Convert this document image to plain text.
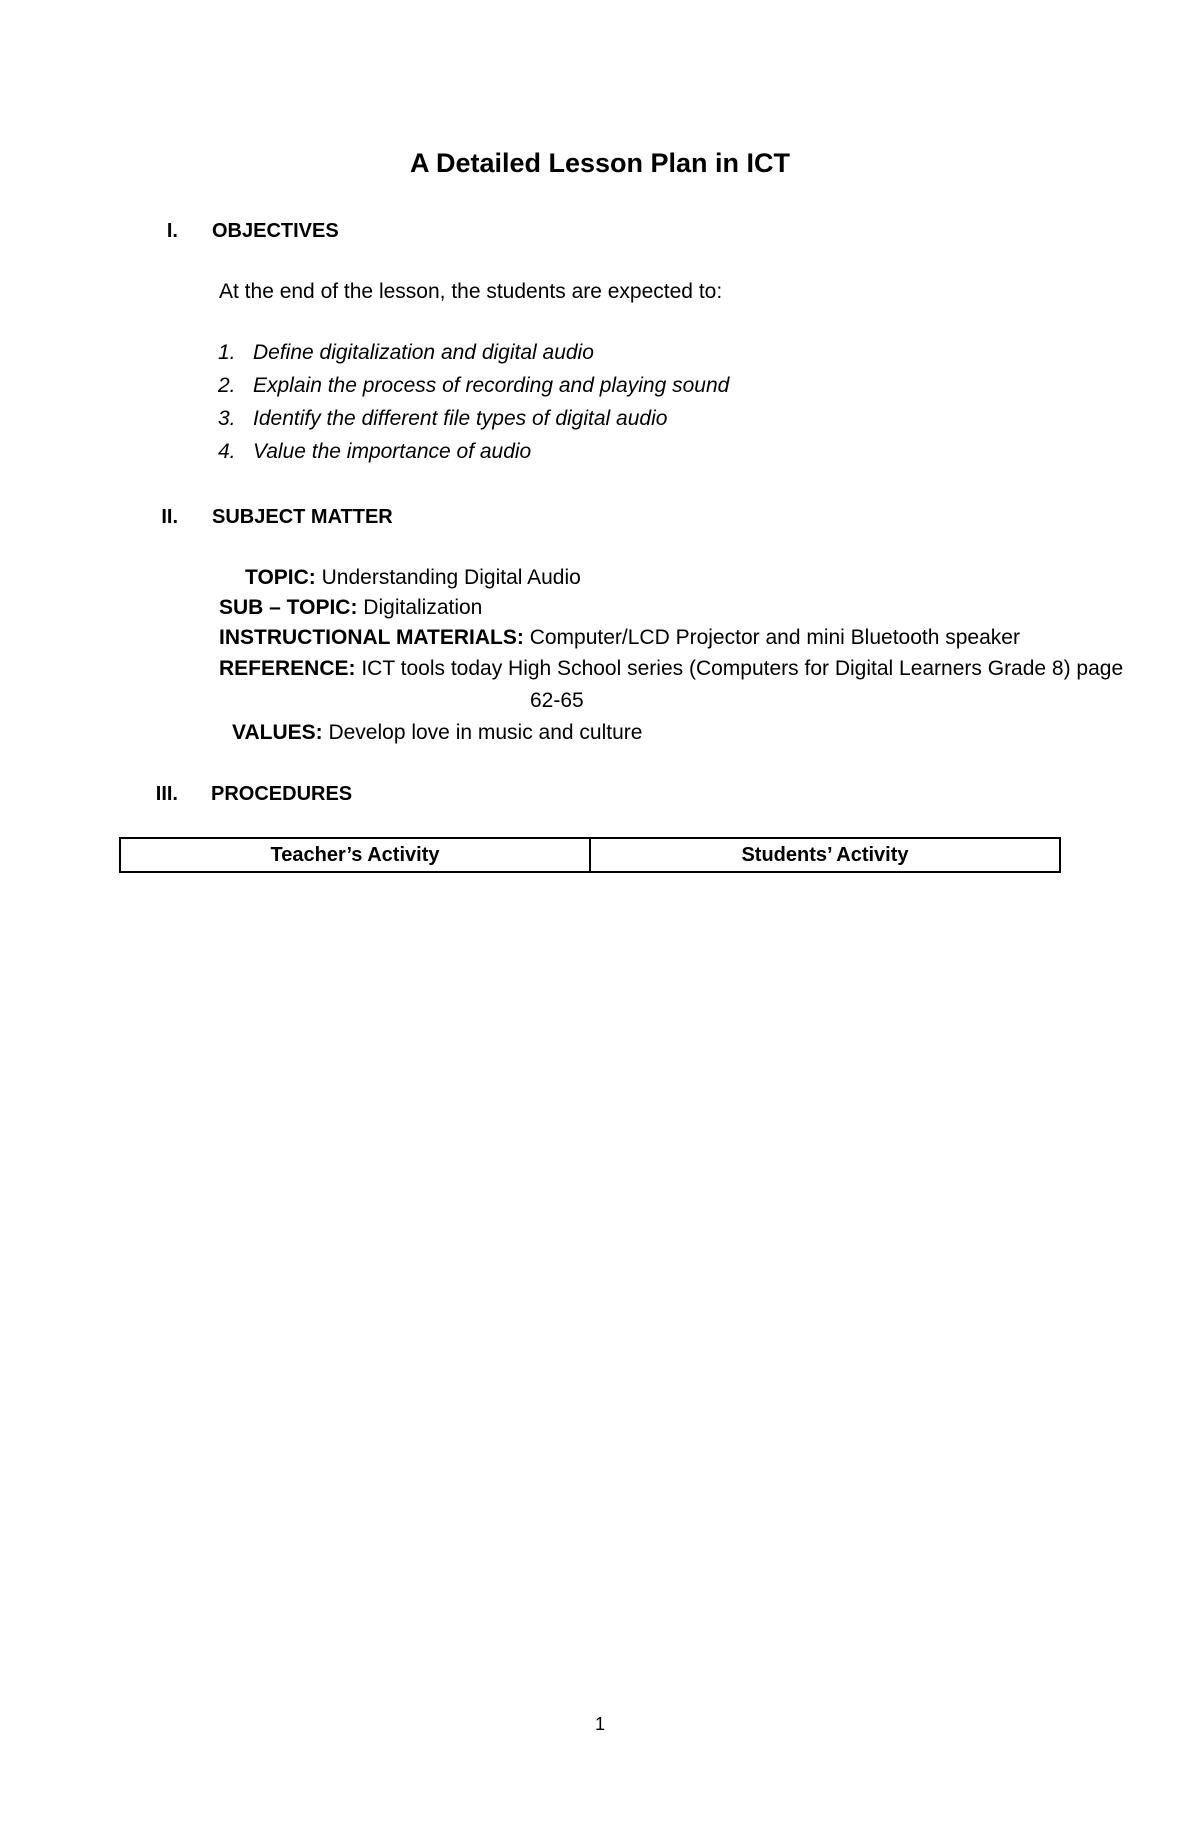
A Detailed Lesson Plan in ICT
I. OBJECTIVES
At the end of the lesson, the students are expected to:
1. Define digitalization and digital audio
2. Explain the process of recording and playing sound
3. Identify the different file types of digital audio
4. Value the importance of audio
II. SUBJECT MATTER
TOPIC: Understanding Digital Audio
SUB – TOPIC: Digitalization
INSTRUCTIONAL MATERIALS: Computer/LCD Projector and mini Bluetooth speaker
REFERENCE: ICT tools today High School series (Computers for Digital Learners Grade 8) page
62-65
VALUES: Develop love in music and culture
III. PROCEDURES
Teacher’s Activity	Students’ Activity
1
